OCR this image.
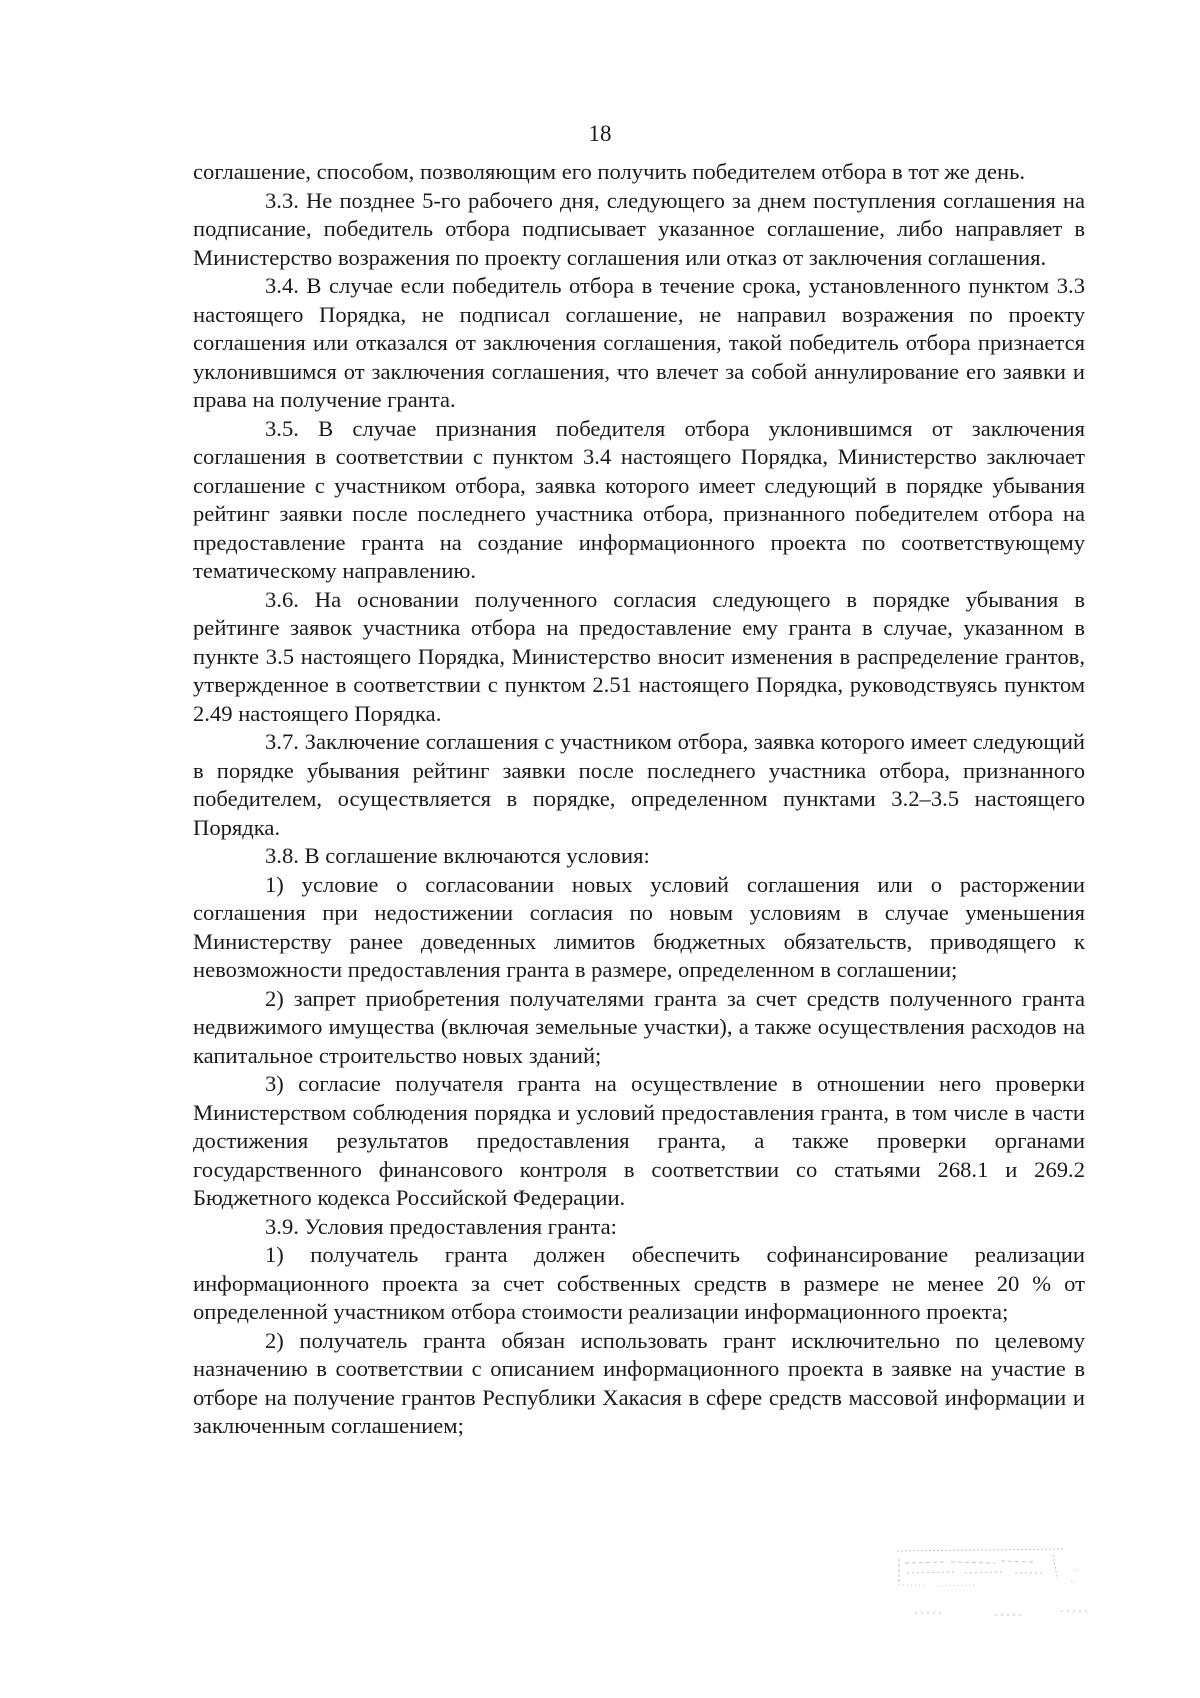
18

соглашение, способом, позволяющим его получить победителем отбора в тот же день.

3.3. Не позднее 5-го рабочего дня, следующего за днем поступления соглашения на подписание, победитель отбора подписывает указанное соглашение, либо направляет в Министерство возражения по проекту соглашения или отказ от заключения соглашения.

3.4. В случае если победитель отбора в течение срока, установленного пунктом 3.3 настоящего Порядка, не подписал соглашение, не направил возражения по проекту соглашения или отказался от заключения соглашения, такой победитель отбора признается уклонившимся от заключения соглашения, что влечет за собой аннулирование его заявки и права на получение гранта.

3.5. В случае признания победителя отбора уклонившимся от заключения соглашения в соответствии с пунктом 3.4 настоящего Порядка, Министерство заключает соглашение с участником отбора, заявка которого имеет следующий в порядке убывания рейтинг заявки после последнего участника отбора, признанного победителем отбора на предоставление гранта на создание информационного проекта по соответствующему тематическому направлению.

3.6. На основании полученного согласия следующего в порядке убывания в рейтинге заявок участника отбора на предоставление ему гранта в случае, указанном в пункте 3.5 настоящего Порядка, Министерство вносит изменения в распределение грантов, утвержденное в соответствии с пунктом 2.51 настоящего Порядка, руководствуясь пунктом 2.49 настоящего Порядка.

3.7. Заключение соглашения с участником отбора, заявка которого имеет следующий в порядке убывания рейтинг заявки после последнего участника отбора, признанного победителем, осуществляется в порядке, определенном пунктами 3.2–3.5 настоящего Порядка.

3.8. В соглашение включаются условия:

1) условие о согласовании новых условий соглашения или о расторжении соглашения при недостижении согласия по новым условиям в случае уменьшения Министерству ранее доведенных лимитов бюджетных обязательств, приводящего к невозможности предоставления гранта в размере, определенном в соглашении;

2) запрет приобретения получателями гранта за счет средств полученного гранта недвижимого имущества (включая земельные участки), а также осуществления расходов на капитальное строительство новых зданий;

3) согласие получателя гранта на осуществление в отношении него проверки Министерством соблюдения порядка и условий предоставления гранта, в том числе в части достижения результатов предоставления гранта, а также проверки органами государственного финансового контроля в соответствии со статьями 268.1 и 269.2 Бюджетного кодекса Российской Федерации.

3.9. Условия предоставления гранта:

1) получатель гранта должен обеспечить софинансирование реализации информационного проекта за счет собственных средств в размере не менее 20 % от определенной участником отбора стоимости реализации информационного проекта;

2) получатель гранта обязан использовать грант исключительно по целевому назначению в соответствии с описанием информационного проекта в заявке на участие в отборе на получение грантов Республики Хакасия в сфере средств массовой информации и заключенным соглашением;
